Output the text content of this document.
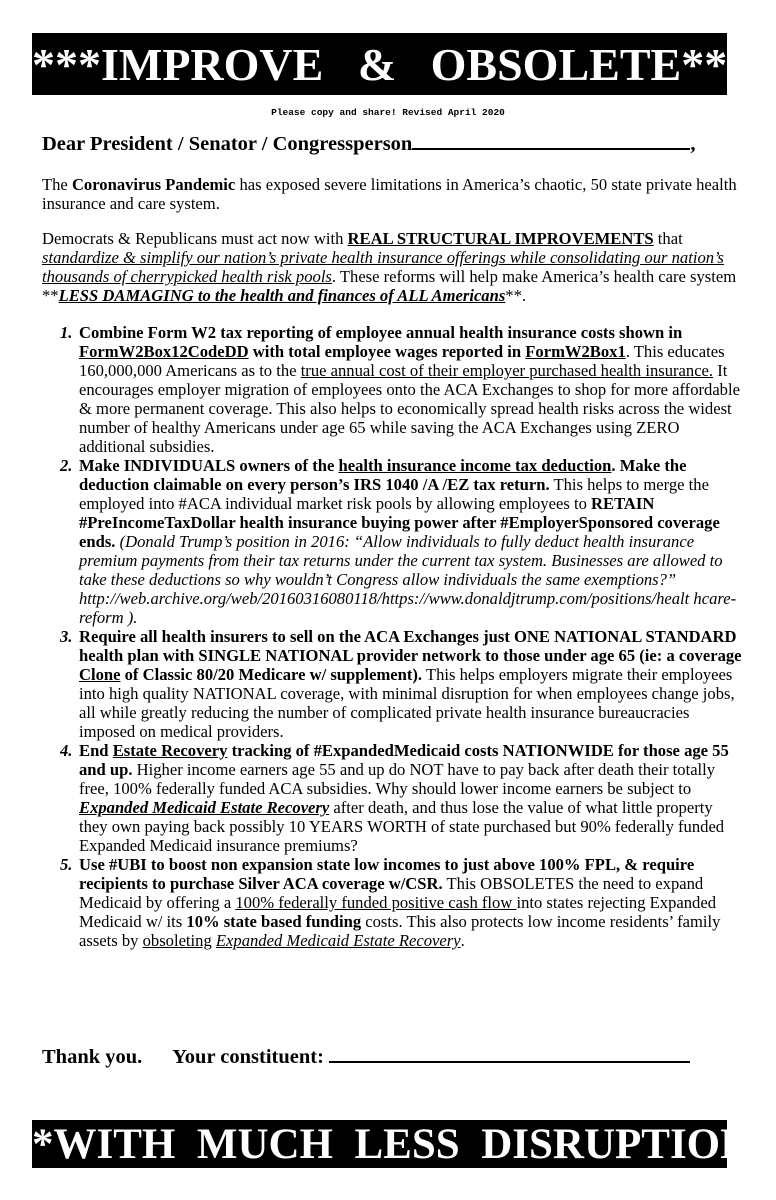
***IMPROVE   &   OBSOLETE***
Please copy and share! Revised April 2020
Dear President / Senator / Congressperson	,

The Coronavirus Pandemic has exposed severe limitations in America’s chaotic, 50 state private health insurance and care system.

Democrats & Republicans must act now with REAL STRUCTURAL IMPROVEMENTS that standardize & simplify our nation’s private health insurance offerings while consolidating our nation’s thousands of cherrypicked health risk pools. These reforms will help make America’s health care system **LESS DAMAGING to the health and finances of ALL Americans**.

1. Combine Form W2 tax reporting of employee annual health insurance costs shown in FormW2Box12CodeDD with total employee wages reported in FormW2Box1. This educates 160,000,000 Americans as to the true annual cost of their employer purchased health insurance. It encourages employer migration of employees onto the ACA Exchanges to shop for more affordable & more permanent coverage. This also helps to economically spread health risks across the widest number of healthy Americans under age 65 while saving the ACA Exchanges using ZERO additional subsidies.
2. Make INDIVIDUALS owners of the health insurance income tax deduction. Make the deduction claimable on every person’s IRS 1040 /A /EZ tax return. This helps to merge the employed into #ACA individual market risk pools by allowing employees to RETAIN #PreIncomeTaxDollar health insurance buying power after #EmployerSponsored coverage ends. (Donald Trump’s position in 2016: “Allow individuals to fully deduct health insurance premium payments from their tax returns under the current tax system. Businesses are allowed to take these deductions so why wouldn’t Congress allow individuals the same exemptions?” http://web.archive.org/web/20160316080118/https://www.donaldjtrump.com/positions/healt hcare-reform ).
3. Require all health insurers to sell on the ACA Exchanges just ONE NATIONAL STANDARD health plan with SINGLE NATIONAL provider network to those under age 65 (ie: a coverage Clone of Classic 80/20 Medicare w/ supplement). This helps employers migrate their employees into high quality NATIONAL coverage, with minimal disruption for when employees change jobs, all while greatly reducing the number of complicated private health insurance bureaucracies imposed on medical providers.
4. End Estate Recovery tracking of #ExpandedMedicaid costs NATIONWIDE for those age 55 and up. Higher income earners age 55 and up do NOT have to pay back after death their totally free, 100% federally funded ACA subsidies. Why should lower income earners be subject to Expanded Medicaid Estate Recovery after death, and thus lose the value of what little property they own paying back possibly 10 YEARS WORTH of state purchased but 90% federally funded Expanded Medicaid insurance premiums?
5. Use #UBI to boost non expansion state low incomes to just above 100% FPL, & require recipients to purchase Silver ACA coverage w/CSR. This OBSOLETES the need to expand Medicaid by offering a 100% federally funded positive cash flow into states rejecting Expanded Medicaid w/ its 10% state based funding costs. This also protects low income residents’ family assets by obsoleting Expanded Medicaid Estate Recovery.
Thank you.      Your constituent:
*WITH  MUCH  LESS  DISRUPTION*
